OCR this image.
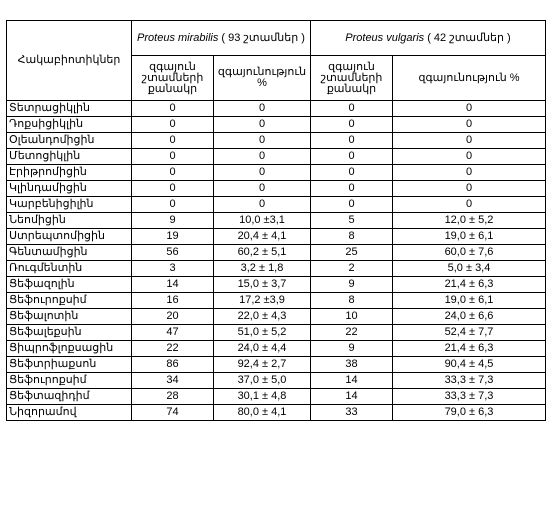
Հակաբիոտիկներ	Proteus mirabilis ( 93 շտամներ )		Proteus vulgaris ( 42 շտամներ )	
	զգայուն շտամների քանակր	զգայունություն %	զգայուն շտամների քանակր	զգայունություն %
Տետրացիկլին	0	0	0	0
Դոքսիցիկլին	0	0	0	0
Օլեանդոմիցին	0	0	0	0
Մետոցիկլին	0	0	0	0
Էրիթրոմիցին	0	0	0	0
Կլինդամիցին	0	0	0	0
Կարբենիցիլին	0	0	0	0
Նեոմիցին	9	10,0 ±3,1	5	12,0 ± 5,2
Ստրեպտոմիցին	19	20,4 ± 4,1	8	19,0 ± 6,1
Գենտամիցին	56	60,2 ± 5,1	25	60,0 ± 7,6
Ռուգմենտին	3	3,2 ± 1,8	2	5,0 ± 3,4
Ցեֆազոլին	14	15,0 ± 3,7	9	21,4 ± 6,3
Ցեֆուրոքսիմ	16	17,2 ±3,9	8	19,0 ± 6,1
Ցեֆալոտին	20	22,0 ± 4,3	10	24,0 ± 6,6
Ցեֆալեքսին	47	51,0 ± 5,2	22	52,4 ± 7,7
Ցիպրոֆլոքսացին	22	24,0 ± 4,4	9	21,4 ± 6,3
Ցեֆտրիաքսոն	86	92,4 ± 2,7	38	90,4 ± 4,5
Ցեֆուրոքսիմ	34	37,0 ± 5,0	14	33,3 ± 7,3
Ցեֆտազիդիմ	28	30,1 ± 4,8	14	33,3 ± 7,3
Նիզորամով	74	80,0 ± 4,1	33	79,0 ± 6,3
